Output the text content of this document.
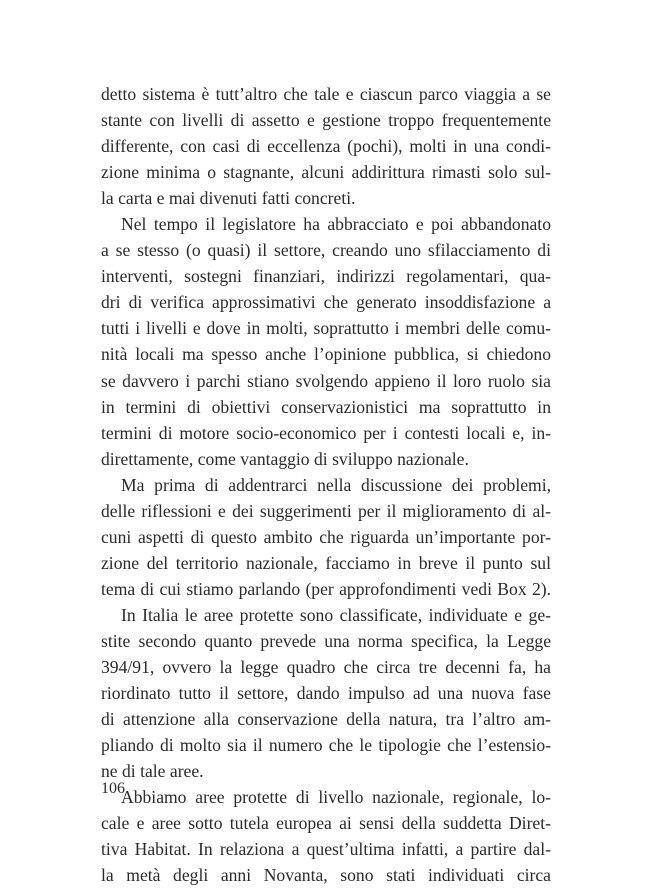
detto sistema è tutt’altro che tale e ciascun parco viaggia a se
stante con livelli di assetto e gestione troppo frequentemente
differente, con casi di eccellenza (pochi), molti in una condi-
zione minima o stagnante, alcuni addirittura rimasti solo sul-
la carta e mai divenuti fatti concreti.
Nel tempo il legislatore ha abbracciato e poi abbandonato
a se stesso (o quasi) il settore, creando uno sfilacciamento di
interventi, sostegni finanziari, indirizzi regolamentari, qua-
dri di verifica approssimativi che generato insoddisfazione a
tutti i livelli e dove in molti, soprattutto i membri delle comu-
nità locali ma spesso anche l’opinione pubblica, si chiedono
se davvero i parchi stiano svolgendo appieno il loro ruolo sia
in termini di obiettivi conservazionistici ma soprattutto in
termini di motore socio-economico per i contesti locali e, in-
direttamente, come vantaggio di sviluppo nazionale.
Ma prima di addentrarci nella discussione dei problemi,
delle riflessioni e dei suggerimenti per il miglioramento di al-
cuni aspetti di questo ambito che riguarda un’importante por-
zione del territorio nazionale, facciamo in breve il punto sul
tema di cui stiamo parlando (per approfondimenti vedi Box 2).
In Italia le aree protette sono classificate, individuate e ge-
stite secondo quanto prevede una norma specifica, la Legge
394/91, ovvero la legge quadro che circa tre decenni fa, ha
riordinato tutto il settore, dando impulso ad una nuova fase
di attenzione alla conservazione della natura, tra l’altro am-
pliando di molto sia il numero che le tipologie che l’estensio-
ne di tale aree.
Abbiamo aree protette di livello nazionale, regionale, lo-
cale e aree sotto tutela europea ai sensi della suddetta Diret-
tiva Habitat. In relaziona a quest’ultima infatti, a partire dal-
la metà degli anni Novanta, sono stati individuati circa
106
